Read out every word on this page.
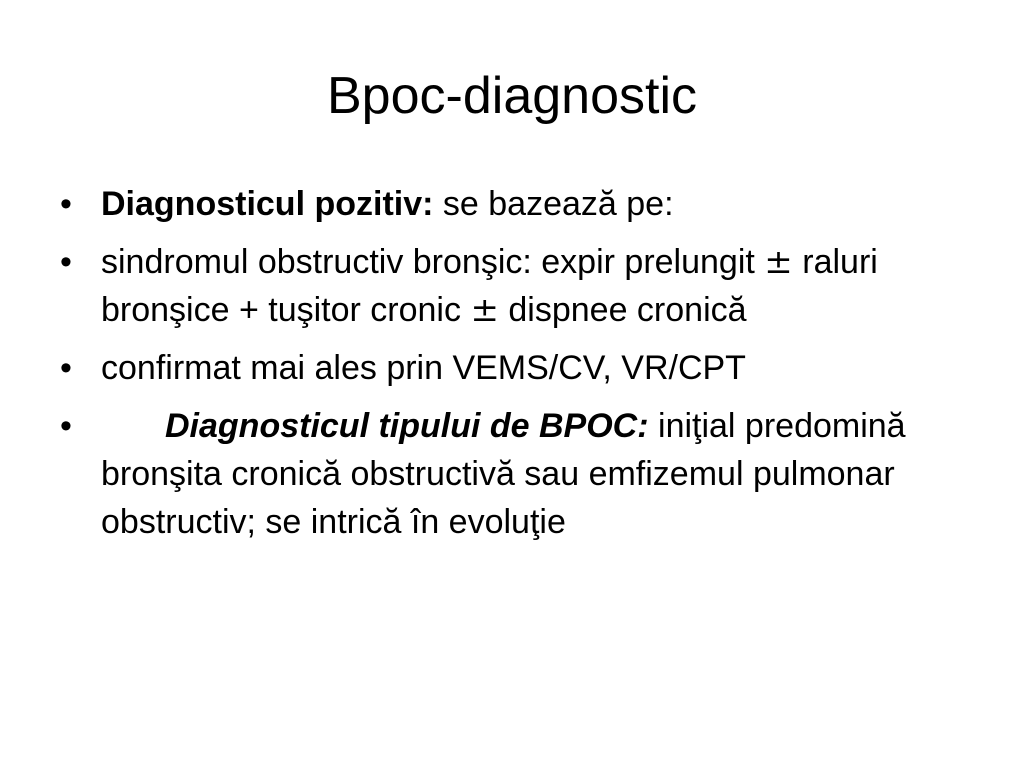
Bpoc-diagnostic
• Diagnosticul pozitiv: se bazează pe:
• sindromul obstructiv bronşic: expir prelungit ± raluri bronşice + tuşitor cronic ± dispnee cronică
• confirmat mai ales prin VEMS/CV, VR/CPT
•	Diagnosticul tipului de BPOC: iniţial predomină bronşita cronică obstructivă sau emfizemul pulmonar obstructiv; se intrică în evoluţie
